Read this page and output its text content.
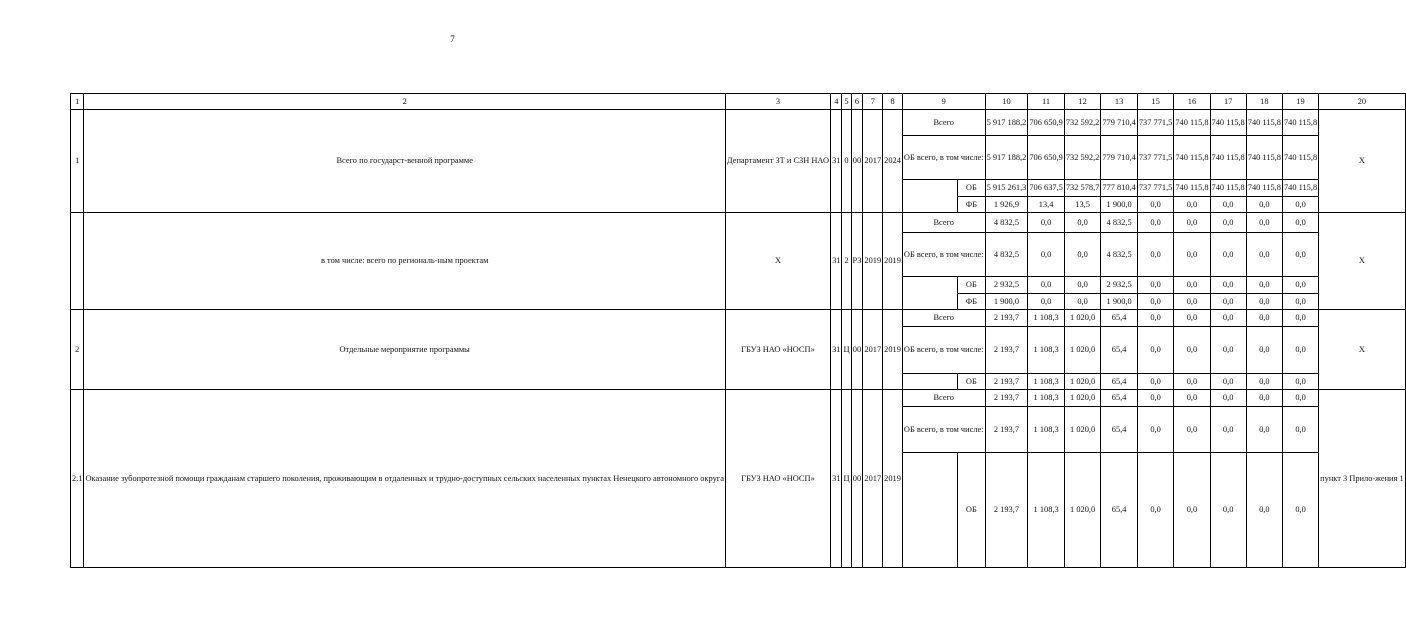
7
1	2	3	4	5	6	7	8	9		10	11	12	13	15	16	17	18	19	20
1	Всего по государст-венной программе	Департамент ЗТ и СЗН НАО	31	0	00	2017	2024	Всего		5 917 188,2	706 650,9	732 592,2	779 710,4	737 771,5	740 115,8	740 115,8	740 115,8	740 115,8	Х
								ОБ всего, в том числе:		5 917 188,2	706 650,9	732 592,2	779 710,4	737 771,5	740 115,8	740 115,8	740 115,8	740 115,8	
									ОБ	5 915 261,3	706 637,5	732 578,7	777 810,4	737 771,5	740 115,8	740 115,8	740 115,8	740 115,8	
									ФБ	1 926,9	13,4	13,5	1 900,0	0,0	0,0	0,0	0,0	0,0	
	в том числе: всего по региональ-ным проектам	Х	31	2	Р3	2019	2019	Всего		4 832,5	0,0	0,0	4 832,5	0,0	0,0	0,0	0,0	0,0	Х
								ОБ всего, в том числе:		4 832,5	0,0	0,0	4 832,5	0,0	0,0	0,0	0,0	0,0	
									ОБ	2 932,5	0,0	0,0	2 932,5	0,0	0,0	0,0	0,0	0,0	
									ФБ	1 900,0	0,0	0,0	1 900,0	0,0	0,0	0,0	0,0	0,0	
2	Отдельные мероприятие программы	ГБУЗ НАО «НОСП»	31	Ц	00	2017	2019	Всего		2 193,7	1 108,3	1 020,0	65,4	0,0	0,0	0,0	0,0	0,0	Х
								ОБ всего, в том числе:		2 193,7	1 108,3	1 020,0	65,4	0,0	0,0	0,0	0,0	0,0	
									ОБ	2 193,7	1 108,3	1 020,0	65,4	0,0	0,0	0,0	0,0	0,0	
2.1	Оказание зубопротезной помощи гражданам старшего поколения, проживающим в отдаленных и трудно-доступных сельских населенных пунктах Ненецкого автономного округа	ГБУЗ НАО «НОСП»	31	Ц	00	2017	2019	Всего		2 193,7	1 108,3	1 020,0	65,4	0,0	0,0	0,0	0,0	0,0	пункт 3 Прило-жения 1
								ОБ всего, в том числе:		2 193,7	1 108,3	1 020,0	65,4	0,0	0,0	0,0	0,0	0,0	
									ОБ	2 193,7	1 108,3	1 020,0	65,4	0,0	0,0	0,0	0,0	0,0	
